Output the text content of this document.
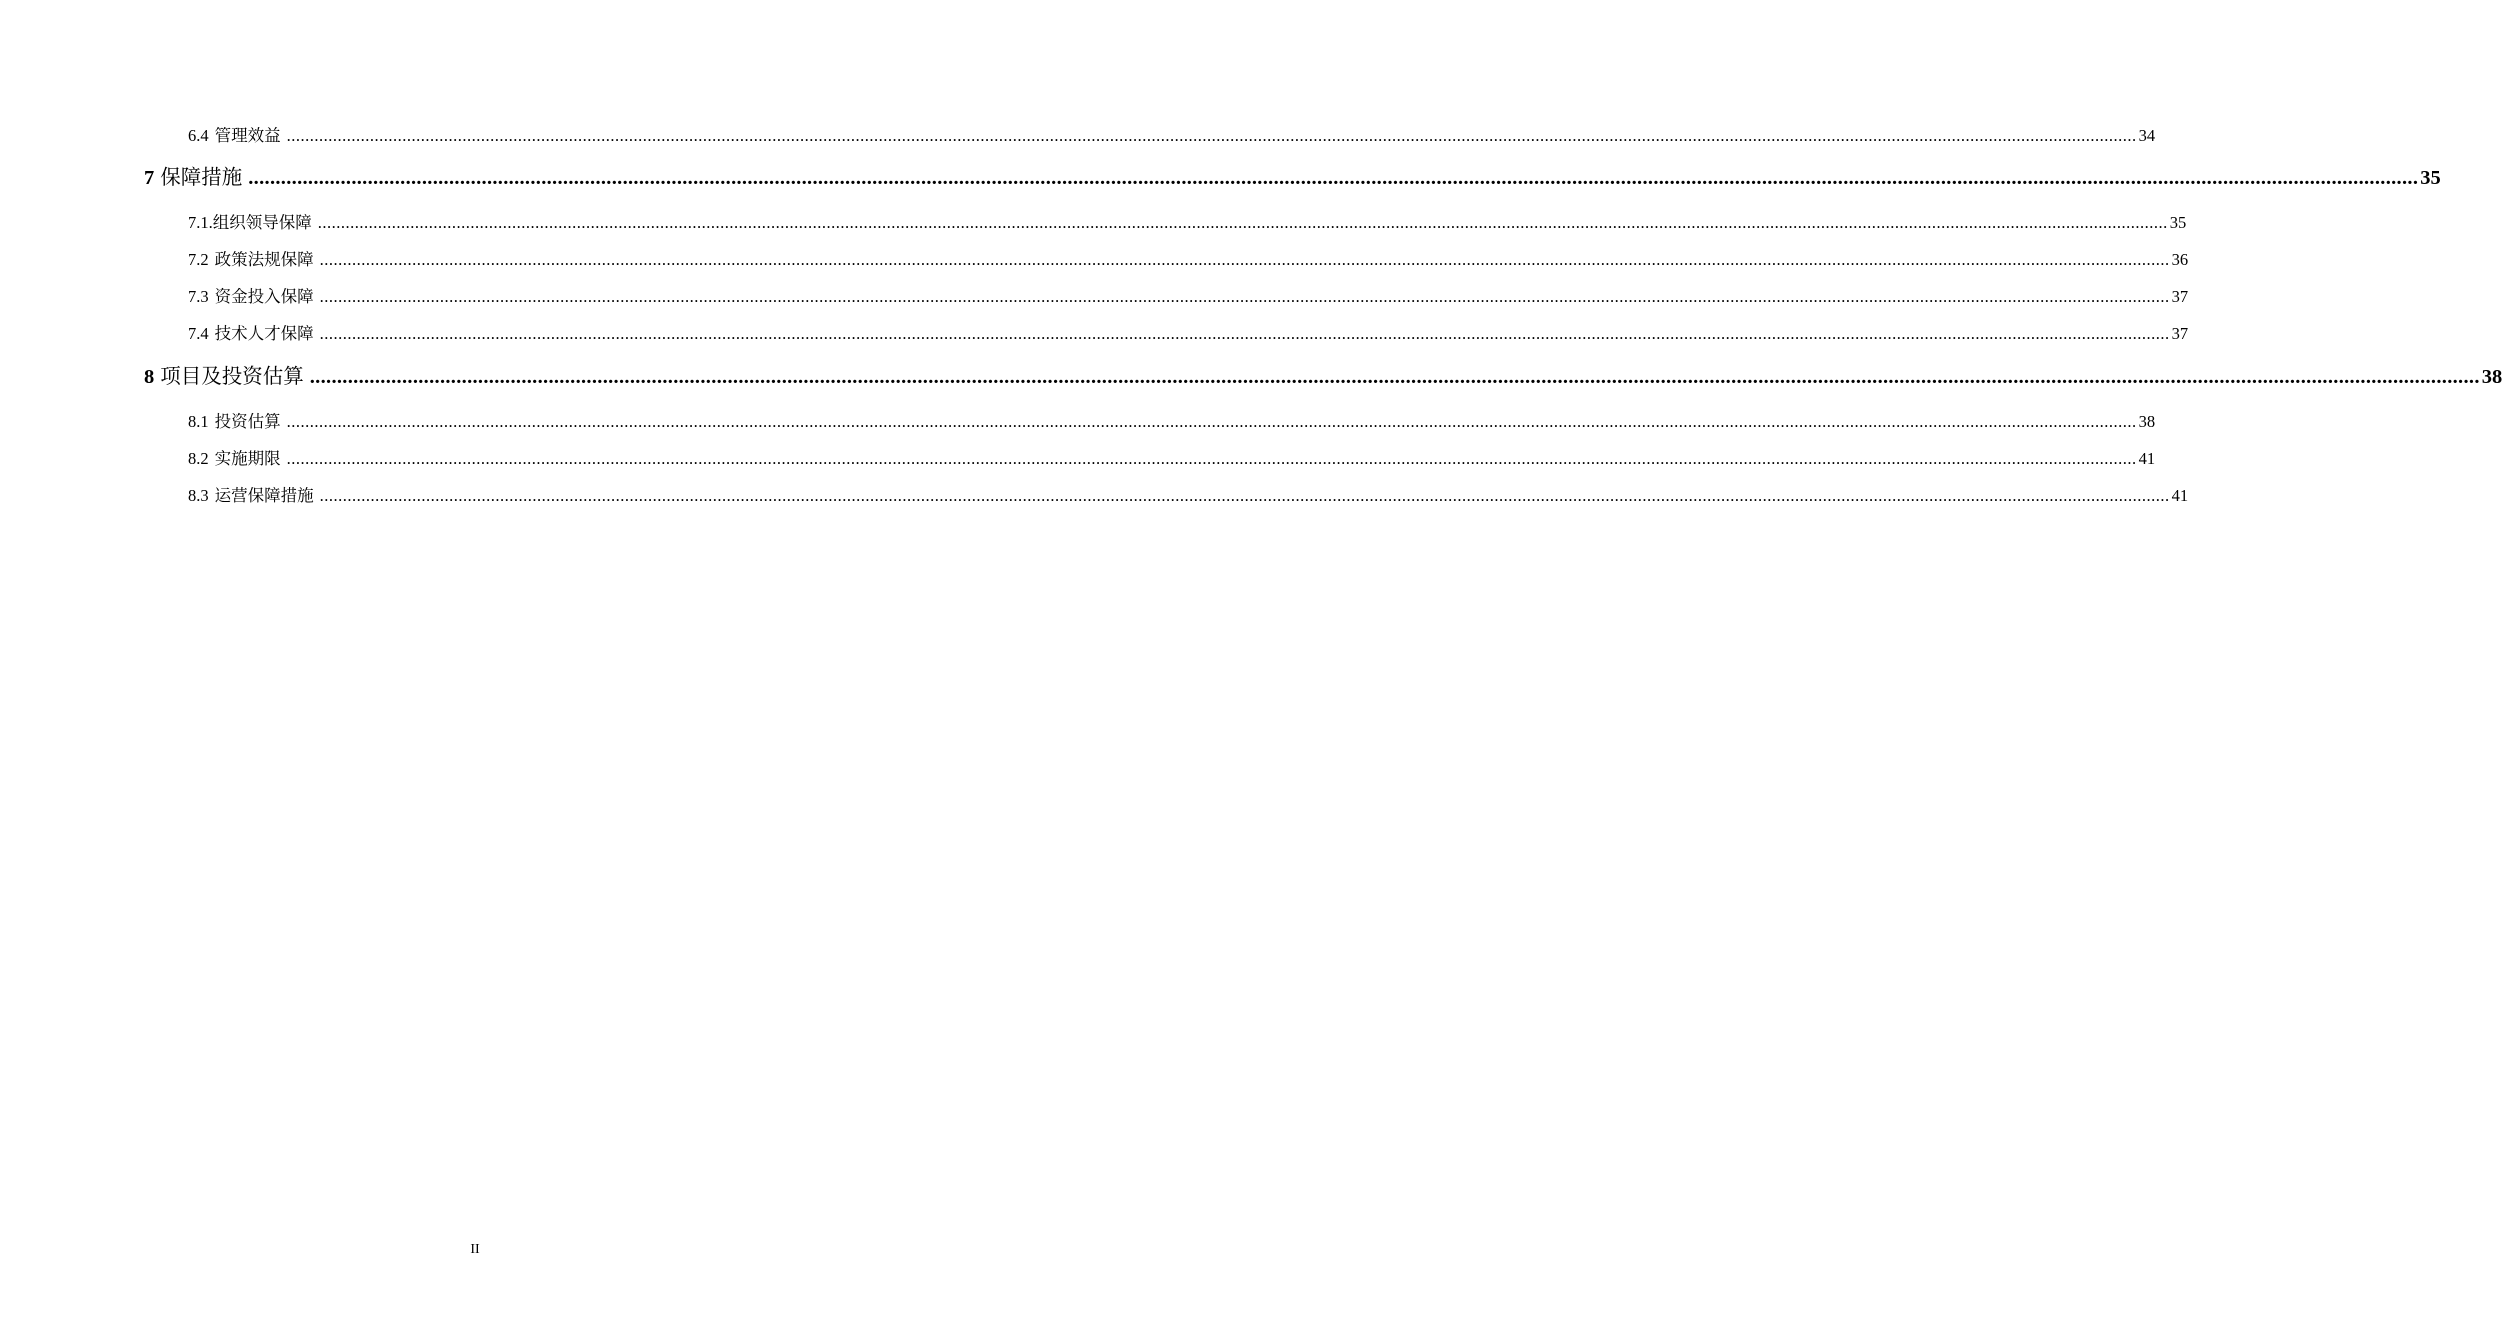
6.4 管理效益 ................................................................................................................................................................................................................................................................................................................................................................................................................ 34
7 保障措施 ................................................................................................................................................................................................................................................................................................................................................................................................................ 35
7.1. 组织领导保障 ................................................................................................................................................................................................................................................................................................................................................................................................................ 35
7.2 政策法规保障 ................................................................................................................................................................................................................................................................................................................................................................................................................ 36
7.3 资金投入保障 ................................................................................................................................................................................................................................................................................................................................................................................................................ 37
7.4 技术人才保障 ................................................................................................................................................................................................................................................................................................................................................................................................................ 37
8 项目及投资估算 ................................................................................................................................................................................................................................................................................................................................................................................................................ 38
8.1 投资估算 ................................................................................................................................................................................................................................................................................................................................................................................................................ 38
8.2 实施期限 ................................................................................................................................................................................................................................................................................................................................................................................................................ 41
8.3 运营保障措施 ................................................................................................................................................................................................................................................................................................................................................................................................................ 41
II
